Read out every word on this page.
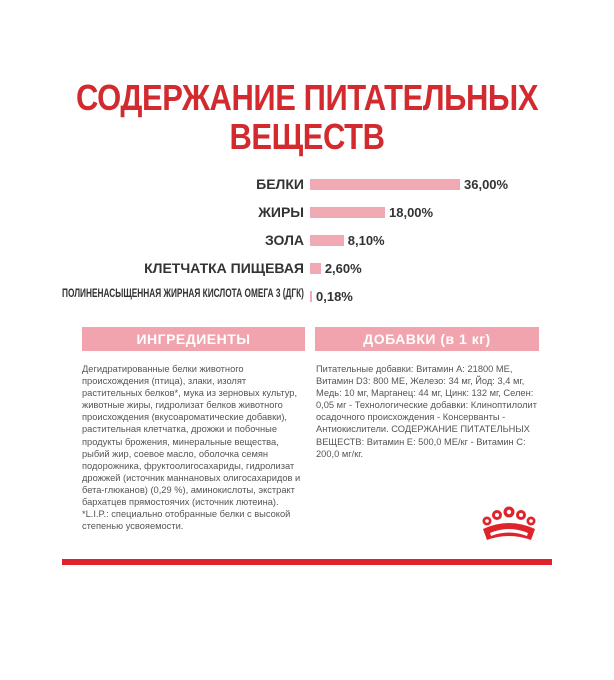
СОДЕРЖАНИЕ ПИТАТЕЛЬНЫХ
ВЕЩЕСТВ
БЕЛКИ	36,00%
ЖИРЫ	18,00%
ЗОЛА	8,10%
КЛЕТЧАТКА ПИЩЕВАЯ 2,60%
ПОЛИНЕНАСЫЩЕННАЯ ЖИРНАЯ КИСЛОТА ОМЕГА 3 (ДГК) 0,18%
ИНГРЕДИЕНТЫ	ДОБАВКИ (в 1 кг)

Дегидратированные белки животного происхождения (птица), злаки, изолят растительных белков*, мука из зерновых культур, животные жиры, гидролизат белков животного происхождения (вкусоароматические добавки), растительная клетчатка, дрожжи и побочные продукты брожения, минеральные вещества, рыбий жир, соевое масло, оболочка семян подорожника, фруктоолигосахариды, гидролизат дрожжей (источник маннановых олигосахаридов и бета-глюканов) (0,29 %), аминокислоты, экстракт бархатцев прямостоячих (источник лютеина).

*L.I.P.: специально отобранные белки с высокой степенью усвояемости.

Питательные добавки: Витамин A: 21800 МЕ, Витамин D3: 800 МЕ, Железо: 34 мг, Йод: 3,4 мг, Медь: 10 мг, Марганец: 44 мг, Цинк: 132 мг, Селен: 0,05 мг - Технологические добавки: Клиноптилолит осадочного происхождения - Консерванты - Антиокислители. СОДЕРЖАНИЕ ПИТАТЕЛЬНЫХ ВЕЩЕСТВ: Витамин E: 500,0 МЕ/кг - Витамин C: 200,0 мг/кг.
